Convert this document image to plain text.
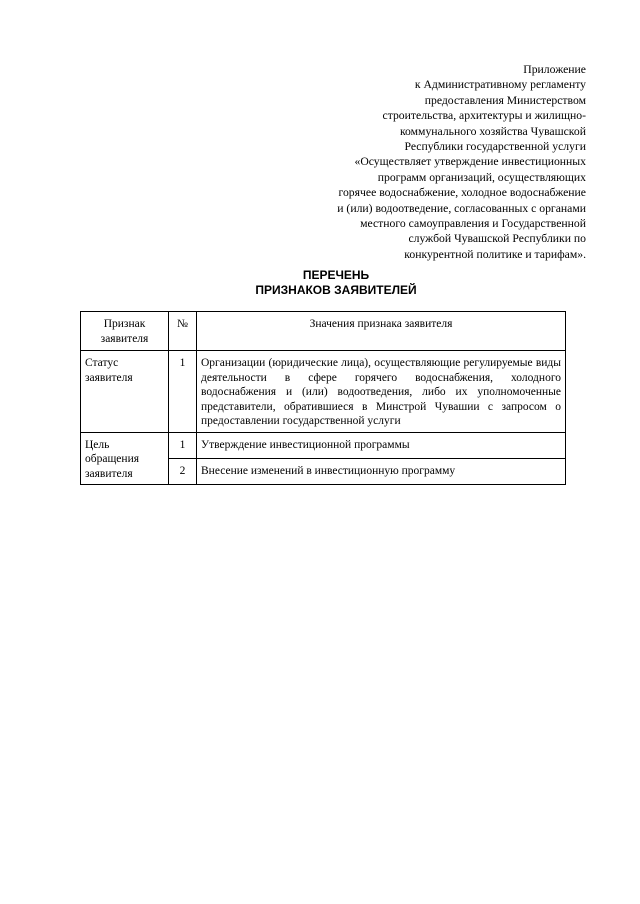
Приложение
к Административному регламенту
предоставления Министерством
строительства, архитектуры и жилищно-
коммунального хозяйства Чувашской
Республики государственной услуги
«Осуществляет утверждение инвестиционных
программ организаций, осуществляющих
горячее водоснабжение, холодное водоснабжение
и (или) водоотведение, согласованных с органами
местного самоуправления и Государственной
службой Чувашской Республики по
конкурентной политике и тарифам».
ПЕРЕЧЕНЬ
ПРИЗНАКОВ ЗАЯВИТЕЛЕЙ
Признак заявителя	№	Значения признака заявителя
Статус заявителя	1	Организации (юридические лица), осуществляющие регулируемые виды деятельности в сфере горячего водоснабжения, холодного водоснабжения и (или) водоотведения, либо их уполномоченные представители, обратившиеся в Минстрой Чувашии с запросом о предоставлении государственной услуги
Цель обращения заявителя	1	Утверждение инвестиционной программы
	2	Внесение изменений в инвестиционную программу
